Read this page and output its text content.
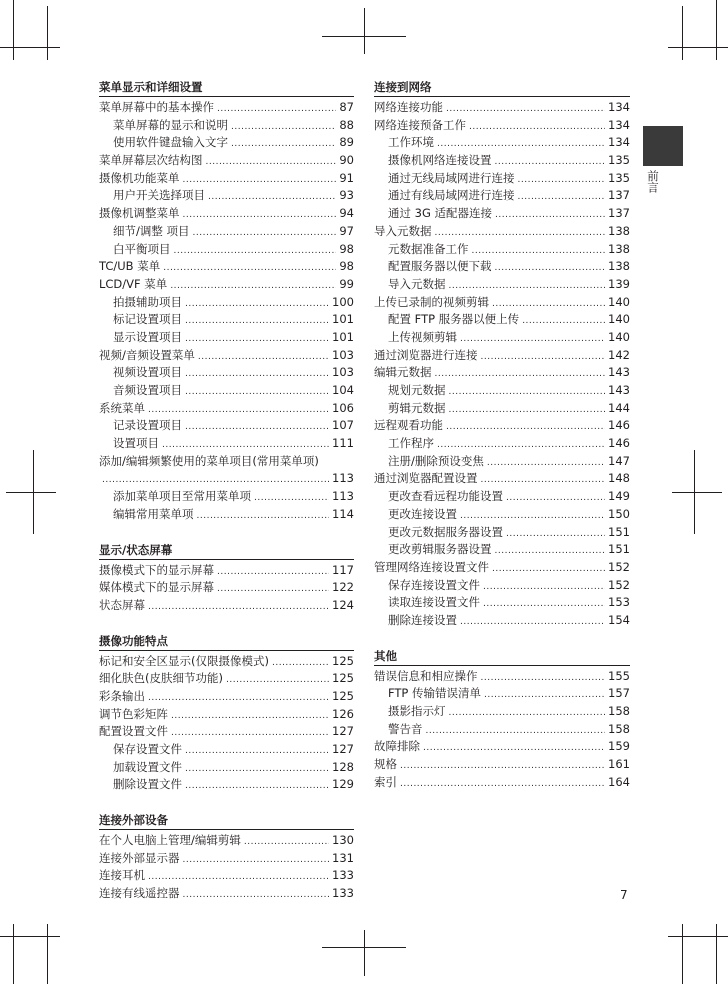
前言
菜单显示和详细设置
菜单屏幕中的基本操作 .....	87
菜单屏幕的显示和说明 .....	88
使用软件键盘输入文字 .....	89
菜单屏幕层次结构图 .....	90
摄像机功能菜单 .....	91
用户开关选择项目 .....	93
摄像机调整菜单 .....	94
细节/调整 项目 .....	97
白平衡项目 .....	98
TC/UB 菜单 .....	98
LCD/VF 菜单 .....	99
拍摄辅助项目 .....	100
标记设置项目 .....	101
显示设置项目 .....	101
视频/音频设置菜单 .....	103
视频设置项目 .....	103
音频设置项目 .....	104
系统菜单 .....	106
记录设置项目 .....	107
设置项目 .....	111
添加/编辑频繁使用的菜单项目(常用菜单项)
.....
113
添加菜单项目至常用菜单项 .....	113
编辑常用菜单项 .....	114
显示/状态屏幕
摄像模式下的显示屏幕 .....	117
媒体模式下的显示屏幕 .....	122
状态屏幕 .....	124
摄像功能特点
标记和安全区显示(仅限摄像模式) .....	125
细化肤色(皮肤细节功能) .....	125
彩条输出 .....	125
调节色彩矩阵 .....	126
配置设置文件 .....	127
保存设置文件 .....	127
加载设置文件 .....	128
删除设置文件 .....	129
连接外部设备
在个人电脑上管理/编辑剪辑 .....	130
连接外部显示器 .....	131
连接耳机 .....	133
连接有线遥控器 .....	133
连接到网络
网络连接功能 .....	134
网络连接预备工作 .....	134
工作环境 .....	134
摄像机网络连接设置 .....	135
通过无线局域网进行连接 .....	135
通过有线局域网进行连接 .....	137
通过 3G 适配器连接 .....	137
导入元数据 .....	138
元数据准备工作 .....	138
配置服务器以便下载 .....	138
导入元数据 .....	139
上传已录制的视频剪辑 .....	140
配置 FTP 服务器以便上传 .....	140
上传视频剪辑 .....	140
通过浏览器进行连接 .....	142
编辑元数据 .....	143
规划元数据 .....	143
剪辑元数据 .....	144
远程观看功能 .....	146
工作程序 .....	146
注册/删除预设变焦 .....	147
通过浏览器配置设置 .....	148
更改查看远程功能设置 .....	149
更改连接设置 .....	150
更改元数据服务器设置 .....	151
更改剪辑服务器设置 .....	151
管理网络连接设置文件 .....	152
保存连接设置文件 .....	152
读取连接设置文件 .....	153
删除连接设置 .....	154
其他
错误信息和相应操作 .....	155
FTP 传输错误清单 .....	157
摄影指示灯 .....	158
警告音 .....	158
故障排除 .....	159
规格 .....	161
索引 .....	164
7
